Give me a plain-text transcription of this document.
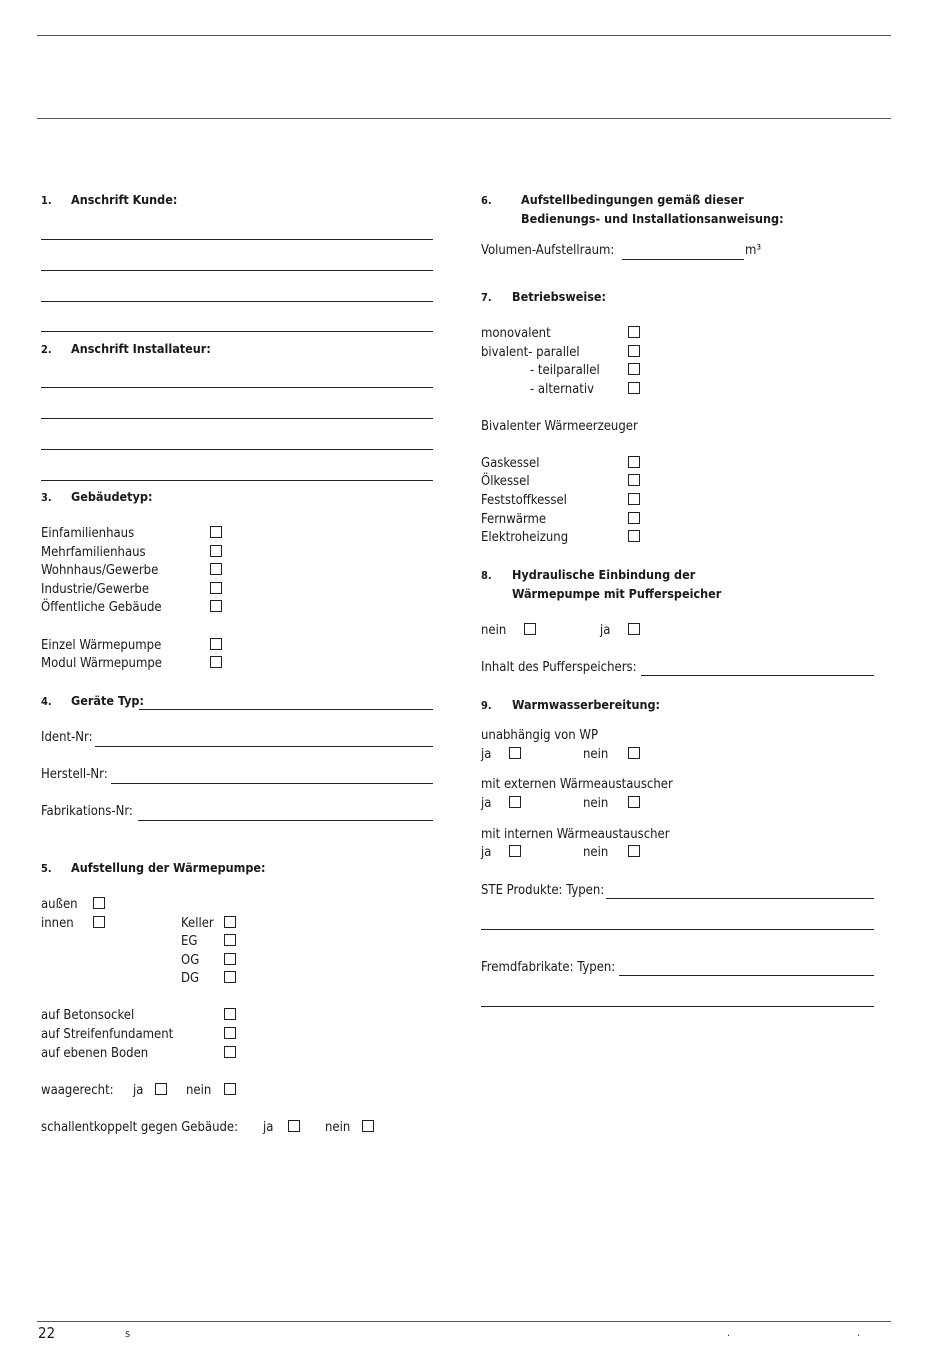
1. Anschrift Kunde:
2. Anschrift Installateur:
3. Gebäudetyp:
Einfamilienhaus
Mehrfamilienhaus
Wohnhaus/Gewerbe
Industrie/Gewerbe
Öffentliche Gebäude
Einzel Wärmepumpe
Modul Wärmepumpe
4. Geräte Typ:
Ident-Nr:
Herstell-Nr:
Fabrikations-Nr:
5. Aufstellung der Wärmepumpe:
außen
innen	Keller
EG
OG
DG
auf Betonsockel
auf Streifenfundament
auf ebenen Boden
waagerecht: ja	nein
schallentkoppelt gegen Gebäude: ja	nein
6. Aufstellbedingungen gemäß dieser
Bedienungs- und Installationsanweisung:
Volumen-Aufstellraum:	m³
7. Betriebsweise:
monovalent
bivalent- parallel
- teilparallel
- alternativ
Bivalenter Wärmeerzeuger
Gaskessel
Ölkessel
Feststoffkessel
Fernwärme
Elektroheizung
8. Hydraulische Einbindung der
Wärmepumpe mit Pufferspeicher
nein	ja
Inhalt des Pufferspeichers:
9. Warmwasserbereitung:
unabhängig von WP
ja	nein
mit externen Wärmeaustauscher
ja	nein
mit internen Wärmeaustauscher
ja	nein
STE Produkte: Typen:
Fremdfabrikate: Typen:
22	s	.	.
